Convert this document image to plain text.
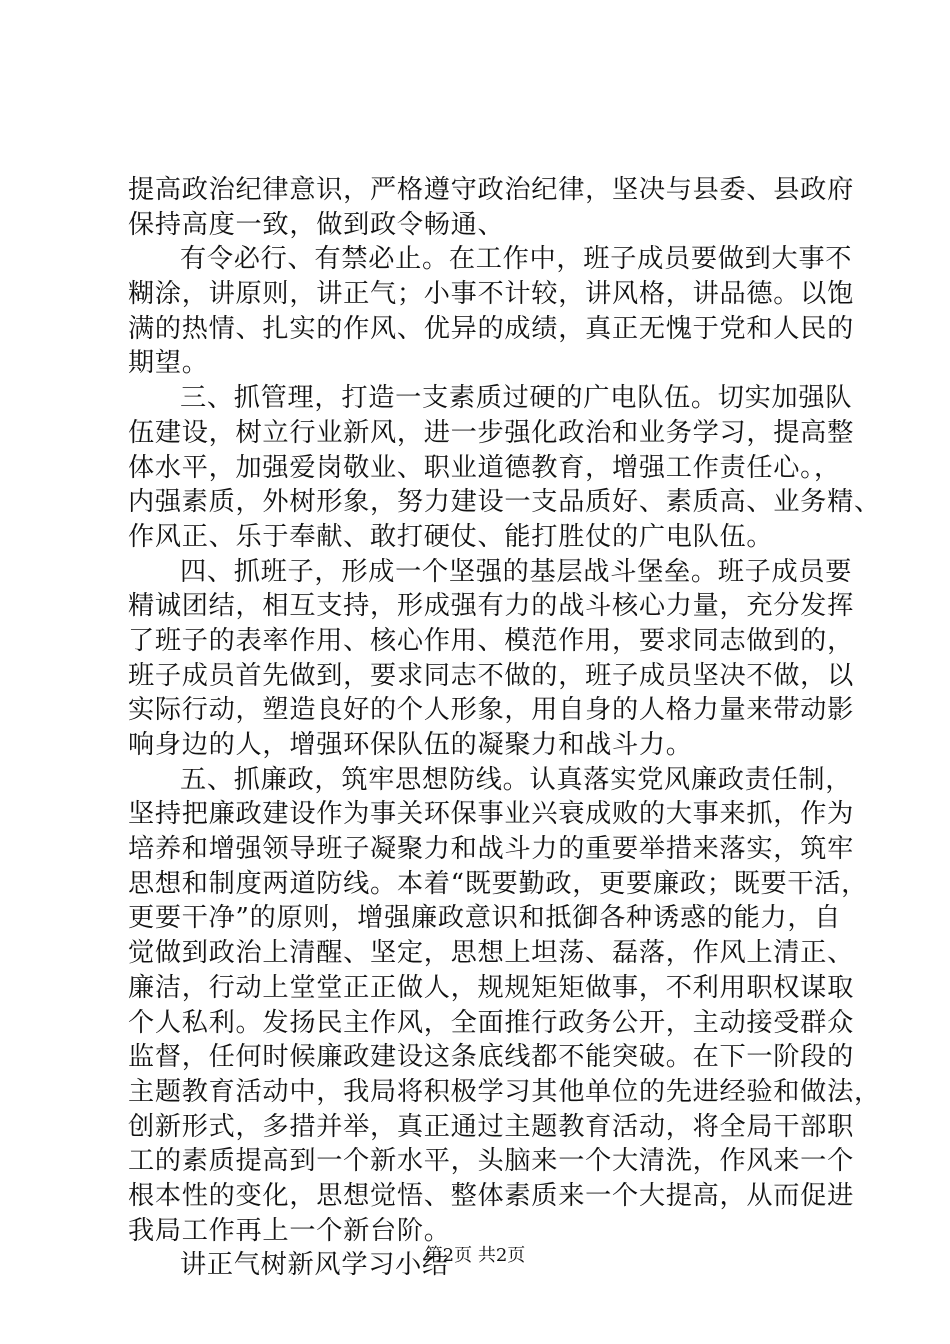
提高政治纪律意识，严格遵守政治纪律，坚决与县委、县政府
保持高度一致，做到政令畅通、
有令必行、有禁必止。在工作中，班子成员要做到大事不
糊涂，讲原则，讲正气；小事不计较，讲风格，讲品德。以饱
满的热情、扎实的作风、优异的成绩，真正无愧于党和人民的
期望。
三、抓管理，打造一支素质过硬的广电队伍。切实加强队
伍建设，树立行业新风，进一步强化政治和业务学习，提高整
体水平，加强爱岗敬业、职业道德教育，增强工作责任心。，
内强素质，外树形象，努力建设一支品质好、素质高、业务精、
作风正、乐于奉献、敢打硬仗、能打胜仗的广电队伍。
四、抓班子，形成一个坚强的基层战斗堡垒。班子成员要
精诚团结，相互支持，形成强有力的战斗核心力量，充分发挥
了班子的表率作用、核心作用、模范作用，要求同志做到的，
班子成员首先做到，要求同志不做的，班子成员坚决不做，以
实际行动，塑造良好的个人形象，用自身的人格力量来带动影
响身边的人，增强环保队伍的凝聚力和战斗力。
五、抓廉政，筑牢思想防线。认真落实党风廉政责任制，
坚持把廉政建设作为事关环保事业兴衰成败的大事来抓，作为
培养和增强领导班子凝聚力和战斗力的重要举措来落实，筑牢
思想和制度两道防线。本着“既要勤政，更要廉政；既要干活，
更要干净”的原则，增强廉政意识和抵御各种诱惑的能力，自
觉做到政治上清醒、坚定，思想上坦荡、磊落，作风上清正、
廉洁，行动上堂堂正正做人，规规矩矩做事，不利用职权谋取
个人私利。发扬民主作风，全面推行政务公开，主动接受群众
监督，任何时候廉政建设这条底线都不能突破。在下一阶段的
主题教育活动中，我局将积极学习其他单位的先进经验和做法，
创新形式，多措并举，真正通过主题教育活动，将全局干部职
工的素质提高到一个新水平，头脑来一个大清洗，作风来一个
根本性的变化，思想觉悟、整体素质来一个大提高，从而促进
我局工作再上一个新台阶。
讲正气树新风学习小结
第2页 共2页
